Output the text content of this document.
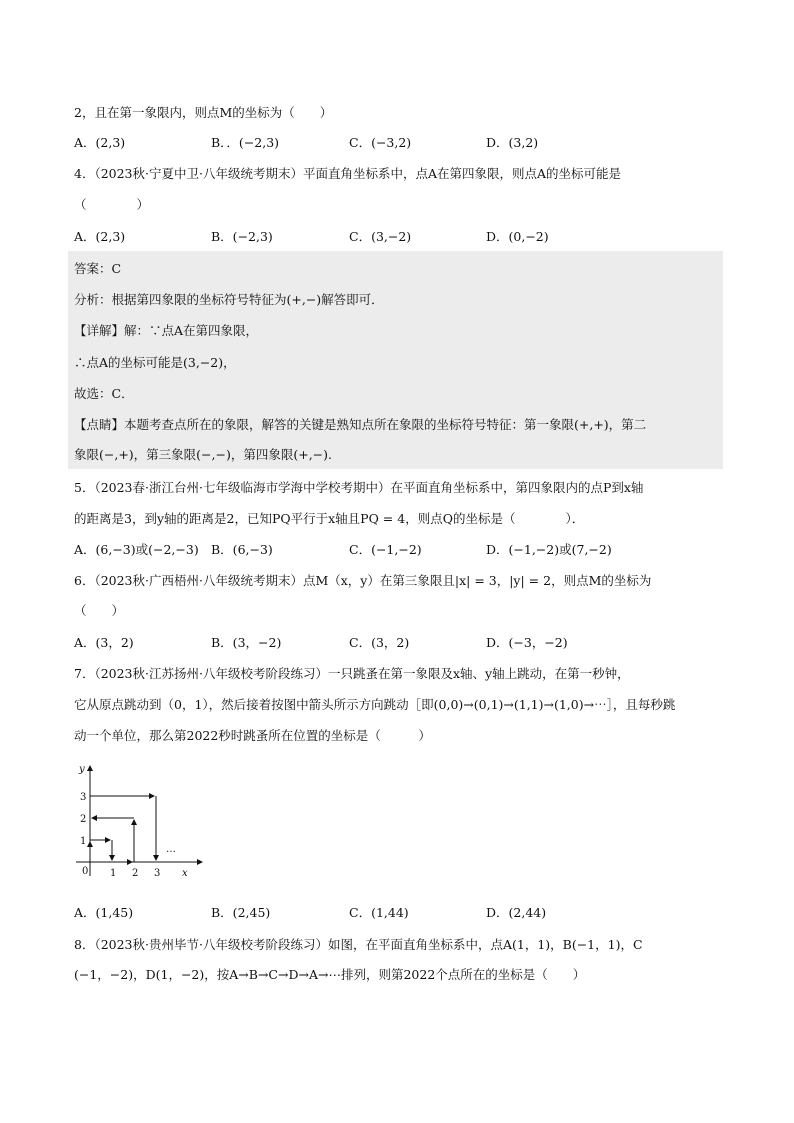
2，且在第一象限内，则点M的坐标为（　　）
A．(2,3)	B．．(−2,3)	C．(−3,2)	D．(3,2)
4．（2023秋·宁夏中卫·八年级统考期末）平面直角坐标系中，点A在第四象限，则点A的坐标可能是
（　　　　）
A．(2,3)	B．(−2,3)	C．(3,−2)	D．(0,−2)
答案：C
分析：根据第四象限的坐标符号特征为(+,−)解答即可．
【详解】解：∵点A在第四象限，
∴点A的坐标可能是(3,−2)，
故选：C．
【点睛】本题考查点所在的象限，解答的关键是熟知点所在象限的坐标符号特征：第一象限(+,+)，第二
象限(−,+)，第三象限(−,−)，第四象限(+,−).
5．（2023春·浙江台州·七年级临海市学海中学校考期中）在平面直角坐标系中，第四象限内的点P到x轴
的距离是3，到y轴的距离是2，已知PQ平行于x轴且PQ = 4，则点Q的坐标是（　　　　）．
A．(6,−3)或(−2,−3) B．(6,−3)	C．(−1,−2)	D．(−1,−2)或(7,−2)
6．（2023秋·广西梧州·八年级统考期末）点M（x，y）在第三象限且|x| = 3，|y| = 2，则点M的坐标为
（　　）
A．(3，2)	B．(3，−2)	C．(3，2)	D．(−3，−2)
7．（2023秋·江苏扬州·八年级校考阶段练习）一只跳蚤在第一象限及x轴、y轴上跳动，在第一秒钟，
它从原点跳动到（0，1），然后接着按图中箭头所示方向跳动［即(0,0)→(0,1)→(1,1)→(1,0)→⋯］，且每秒跳
动一个单位，那么第2022秒时跳蚤所在位置的坐标是（　　　）
y
0 1 2 3 x
1
2
3
…
A．(1,45)	B．(2,45)	C．(1,44)	D．(2,44)
8．（2023秋·贵州毕节·八年级校考阶段练习）如图，在平面直角坐标系中，点A(1，1)，B(−1，1)，C
(−1，−2)，D(1，−2)，按A→B→C→D→A→⋯排列，则第2022个点所在的坐标是（　　）
